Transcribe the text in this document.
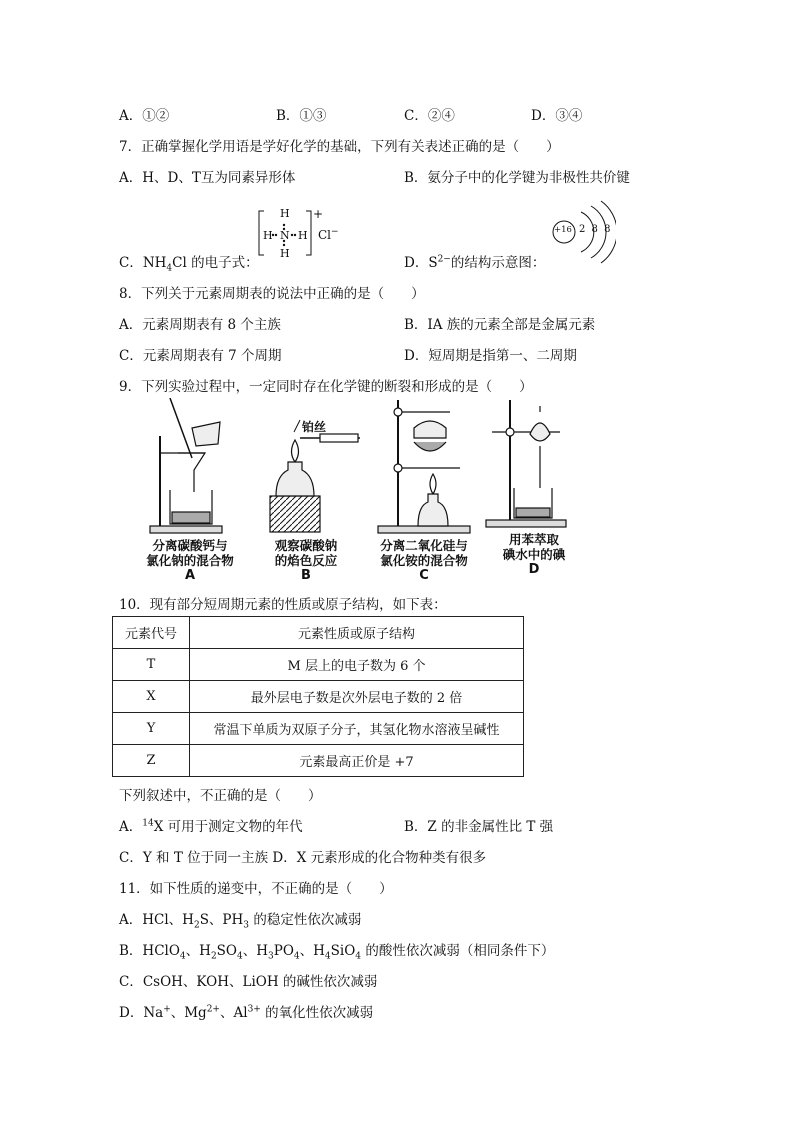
A．①②	B．①③	C．②④	D．③④
7．正确掌握化学用语是学好化学的基础，下列有关表述正确的是（　　）
A．H、D、T互为同素异形体	B．氨分子中的化学键为非极性共价键
H
H N H
H
+
Cl−	+16 2 8 8
C．$NH_4Cl$ 的电子式：	D．$S^{2-}$的结构示意图：
8．下列关于元素周期表的说法中正确的是（　　）
A．元素周期表有 8 个主族	B．IA 族的元素全部是金属元素
C．元素周期表有 7 个周期	D．短周期是指第一、二周期
9．下列实验过程中，一定同时存在化学键的断裂和形成的是（　　）
铂丝
分离碳酸钙与
氯化钠的混合物
A
观察碳酸钠
的焰色反应
B
分离二氧化硅与
氯化铵的混合物
C
用苯萃取
碘水中的碘
D
10．现有部分短周期元素的性质或原子结构，如下表：
元素代号	元素性质或原子结构
T	M 层上的电子数为 6 个
X	最外层电子数是次外层电子数的 2 倍
Y	常温下单质为双原子分子，其氢化物水溶液呈碱性
Z	元素最高正价是 +7
下列叙述中，不正确的是（　　）
A．$^{14}$X 可用于测定文物的年代	B．Z 的非金属性比 T 强
C．Y 和 T 位于同一主族 D．X 元素形成的化合物种类有很多
11．如下性质的递变中，不正确的是（　　）
A．HCl、$H_2S$、$PH_3$ 的稳定性依次减弱
B．HClO$_4$、$H_2SO_4$、$H_3PO_4$、$H_4SiO_4$ 的酸性依次减弱（相同条件下）
C．CsOH、KOH、LiOH 的碱性依次减弱
D．Na+、$Mg^{2+}$、$Al^{3+}$ 的氧化性依次减弱
